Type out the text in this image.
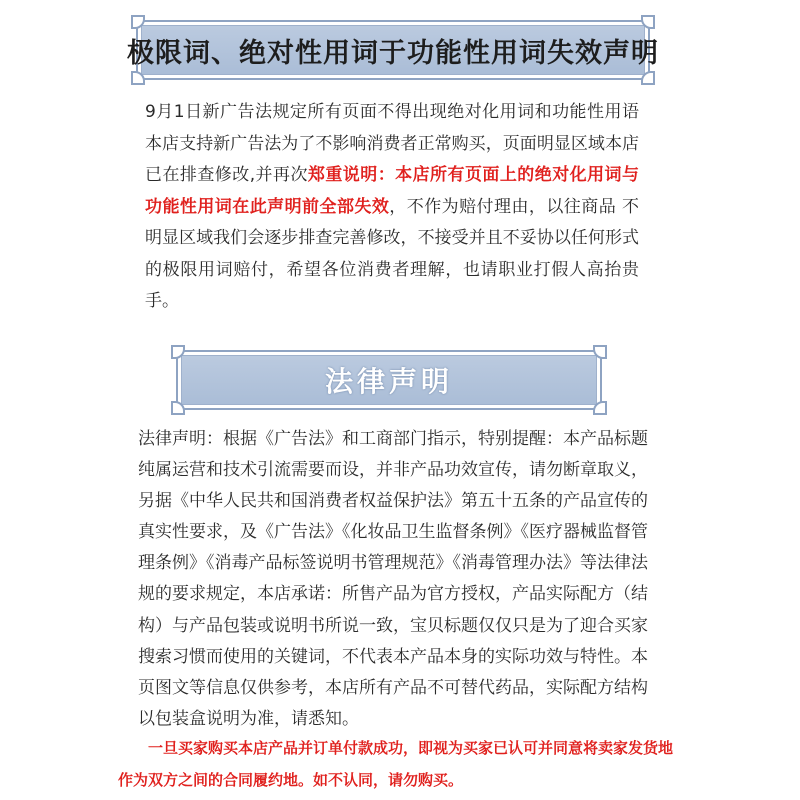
极限词、绝对性用词于功能性用词失效声明

9月1日新广告法规定所有页面不得出现绝对化用词和功能性用语本店支持新广告法为了不影响消费者正常购买，页面明显区域本店已在排查修改,并再次郑重说明：本店所有页面上的绝对化用词与功能性用词在此声明前全部失效，不作为赔付理由，以往商品 不明显区域我们会逐步排查完善修改，不接受并且不妥协以任何形式的极限用词赔付，希望各位消费者理解，也请职业打假人高抬贵手。

法律声明

法律声明：根据《广告法》和工商部门指示，特别提醒：本产品标题纯属运营和技术引流需要而设，并非产品功效宣传，请勿断章取义，另据《中华人民共和国消费者权益保护法》第五十五条的产品宣传的真实性要求，及《广告法》《化妆品卫生监督条例》《医疗器械监督管理条例》《消毒产品标签说明书管理规范》《消毒管理办法》等法律法规的要求规定，本店承诺：所售产品为官方授权，产品实际配方（结构）与产品包装或说明书所说一致，宝贝标题仅仅只是为了迎合买家搜索习惯而使用的关键词，不代表本产品本身的实际功效与特性。本页图文等信息仅供参考，本店所有产品不可替代药品，实际配方结构以包装盒说明为准，请悉知。

一旦买家购买本店产品并订单付款成功，即视为买家已认可并同意将卖家发货地作为双方之间的合同履约地。如不认同，请勿购买。
